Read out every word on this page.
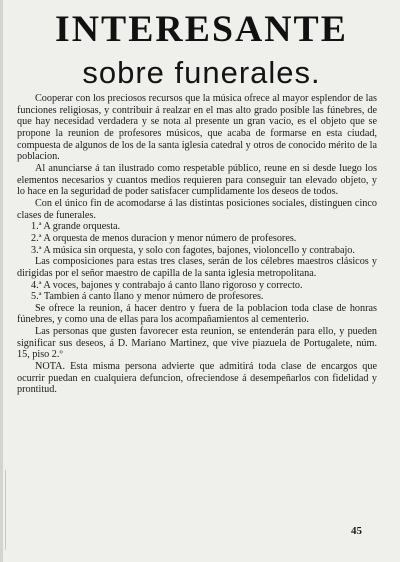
INTERESANTE
sobre funerales.

Cooperar con los preciosos recursos que la música ofrece al mayor esplendor de las funciones religiosas, y contribuir á realzar en el mas alto grado posible las fúnebres, de que hay necesidad verdadera y se nota al presente un gran vacío, es el objeto que se propone la reunion de profesores músicos, que acaba de formarse en esta ciudad, compuesta de algunos de los de la santa iglesia catedral y otros de conocido mérito de la poblacion.

Al anunciarse á tan ilustrado como respetable público, reune en si desde luego los elementos necesarios y cuantos medios requieren para conseguir tan elevado objeto, y lo hace en la seguridad de poder satisfacer cumplidamente los deseos de todos.

Con el único fin de acomodarse á las distintas posiciones sociales, distinguen cinco clases de funerales.

1.ª A grande orquesta.

2.ª A orquesta de menos duracion y menor número de profesores.

3.ª A música sin orquesta, y solo con fagotes, bajones, violoncello y contrabajo.

Las composiciones para estas tres clases, serán de los célebres maestros clásicos y dirigidas por el señor maestro de capilla de la santa iglesia metropolitana.

4.ª A voces, bajones y contrabajo á canto llano rigoroso y correcto.

5.ª Tambien á canto llano y menor número de profesores.

Se ofrece la reunion, á hacer dentro y fuera de la poblacion toda clase de honras fúnebres, y como una de ellas para los acompañamientos al cementerio.

Las personas que gusten favorecer esta reunion, se entenderán para ello, y pueden significar sus deseos, á D. Mariano Martinez, que vive piazuela de Portugalete, núm. 15, piso 2.º

NOTA. Esta misma persona advierte que admitirá toda clase de encargos que ocurrir puedan en cualquiera defuncion, ofreciendose á desempeñarlos con fidelidad y prontitud.

45
